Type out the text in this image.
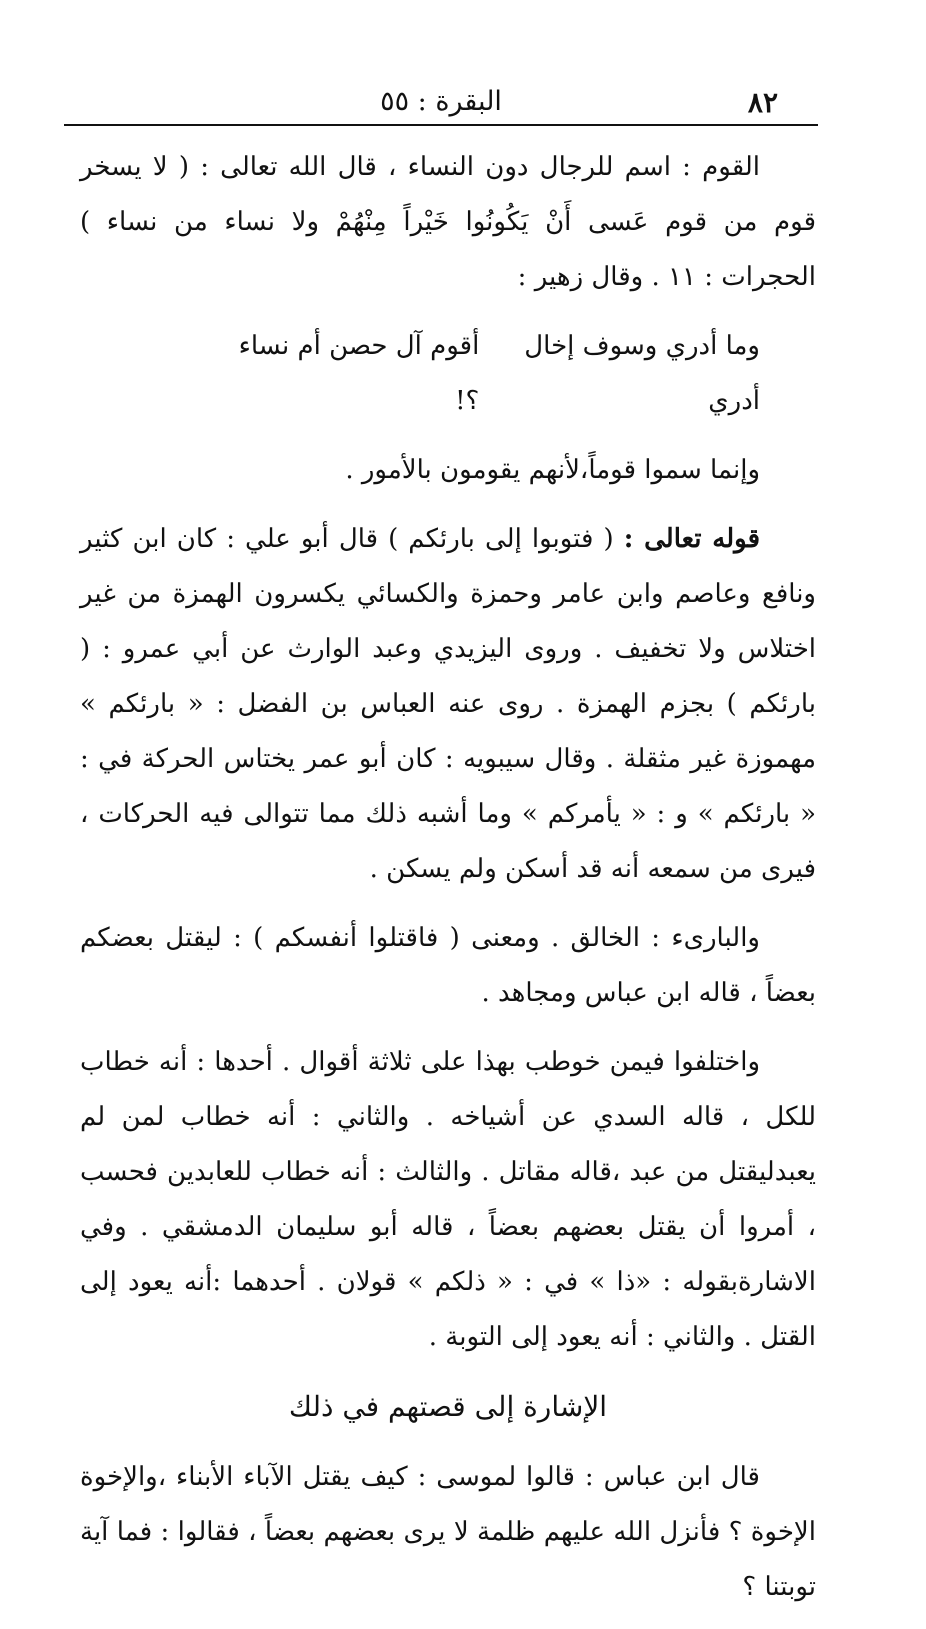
٨٢
البقرة : ٥٥

القوم : اسم للرجال دون النساء ، قال الله تعالى : ( لا يسخر قوم من قوم عَسى أَنْ يَكُونُوا خَيْراً مِنْهُمْ ولا نساء من نساء ) الحجرات : ١١ . وقال زهير :

وما أدري وسوف إخال أدري
أقوم آل حصن أم نساء ؟!

وإنما سموا قوماً،لأنهم يقومون بالأمور .

قوله تعالى : ( فتوبوا إلى بارئكم ) قال أبو علي : كان ابن كثير ونافع وعاصم وابن عامر وحمزة والكسائي يكسرون الهمزة من غير اختلاس ولا تخفيف . وروى اليزيدي وعبد الوارث عن أبي عمرو : ( بارئكم ) بجزم الهمزة . روى عنه العباس بن الفضل : « بارئكم » مهموزة غير مثقلة . وقال سيبويه : كان أبو عمر يختاس الحركة في : « بارئكم » و : « يأمركم » وما أشبه ذلك مما تتوالى فيه الحركات ، فيرى من سمعه أنه قد أسكن ولم يسكن .

والبارىء : الخالق . ومعنى ( فاقتلوا أنفسكم ) : ليقتل بعضكم بعضاً ، قاله ابن عباس ومجاهد .

واختلفوا فيمن خوطب بهذا على ثلاثة أقوال . أحدها : أنه خطاب للكل ، قاله السدي عن أشياخه . والثاني : أنه خطاب لمن لم يعبدليقتل من عبد ،قاله مقاتل . والثالث : أنه خطاب للعابدين فحسب ، أمروا أن يقتل بعضهم بعضاً ، قاله أبو سليمان الدمشقي . وفي الاشارةبقوله : «ذا » في : « ذلكم » قولان . أحدهما :أنه يعود إلى القتل . والثاني : أنه يعود إلى التوبة .

الإشارة إلى قصتهم في ذلك

قال ابن عباس : قالوا لموسى : كيف يقتل الآباء الأبناء ،والإخوة الإخوة ؟ فأنزل الله عليهم ظلمة لا يرى بعضهم بعضاً ، فقالوا : فما آية توبتنا ؟
